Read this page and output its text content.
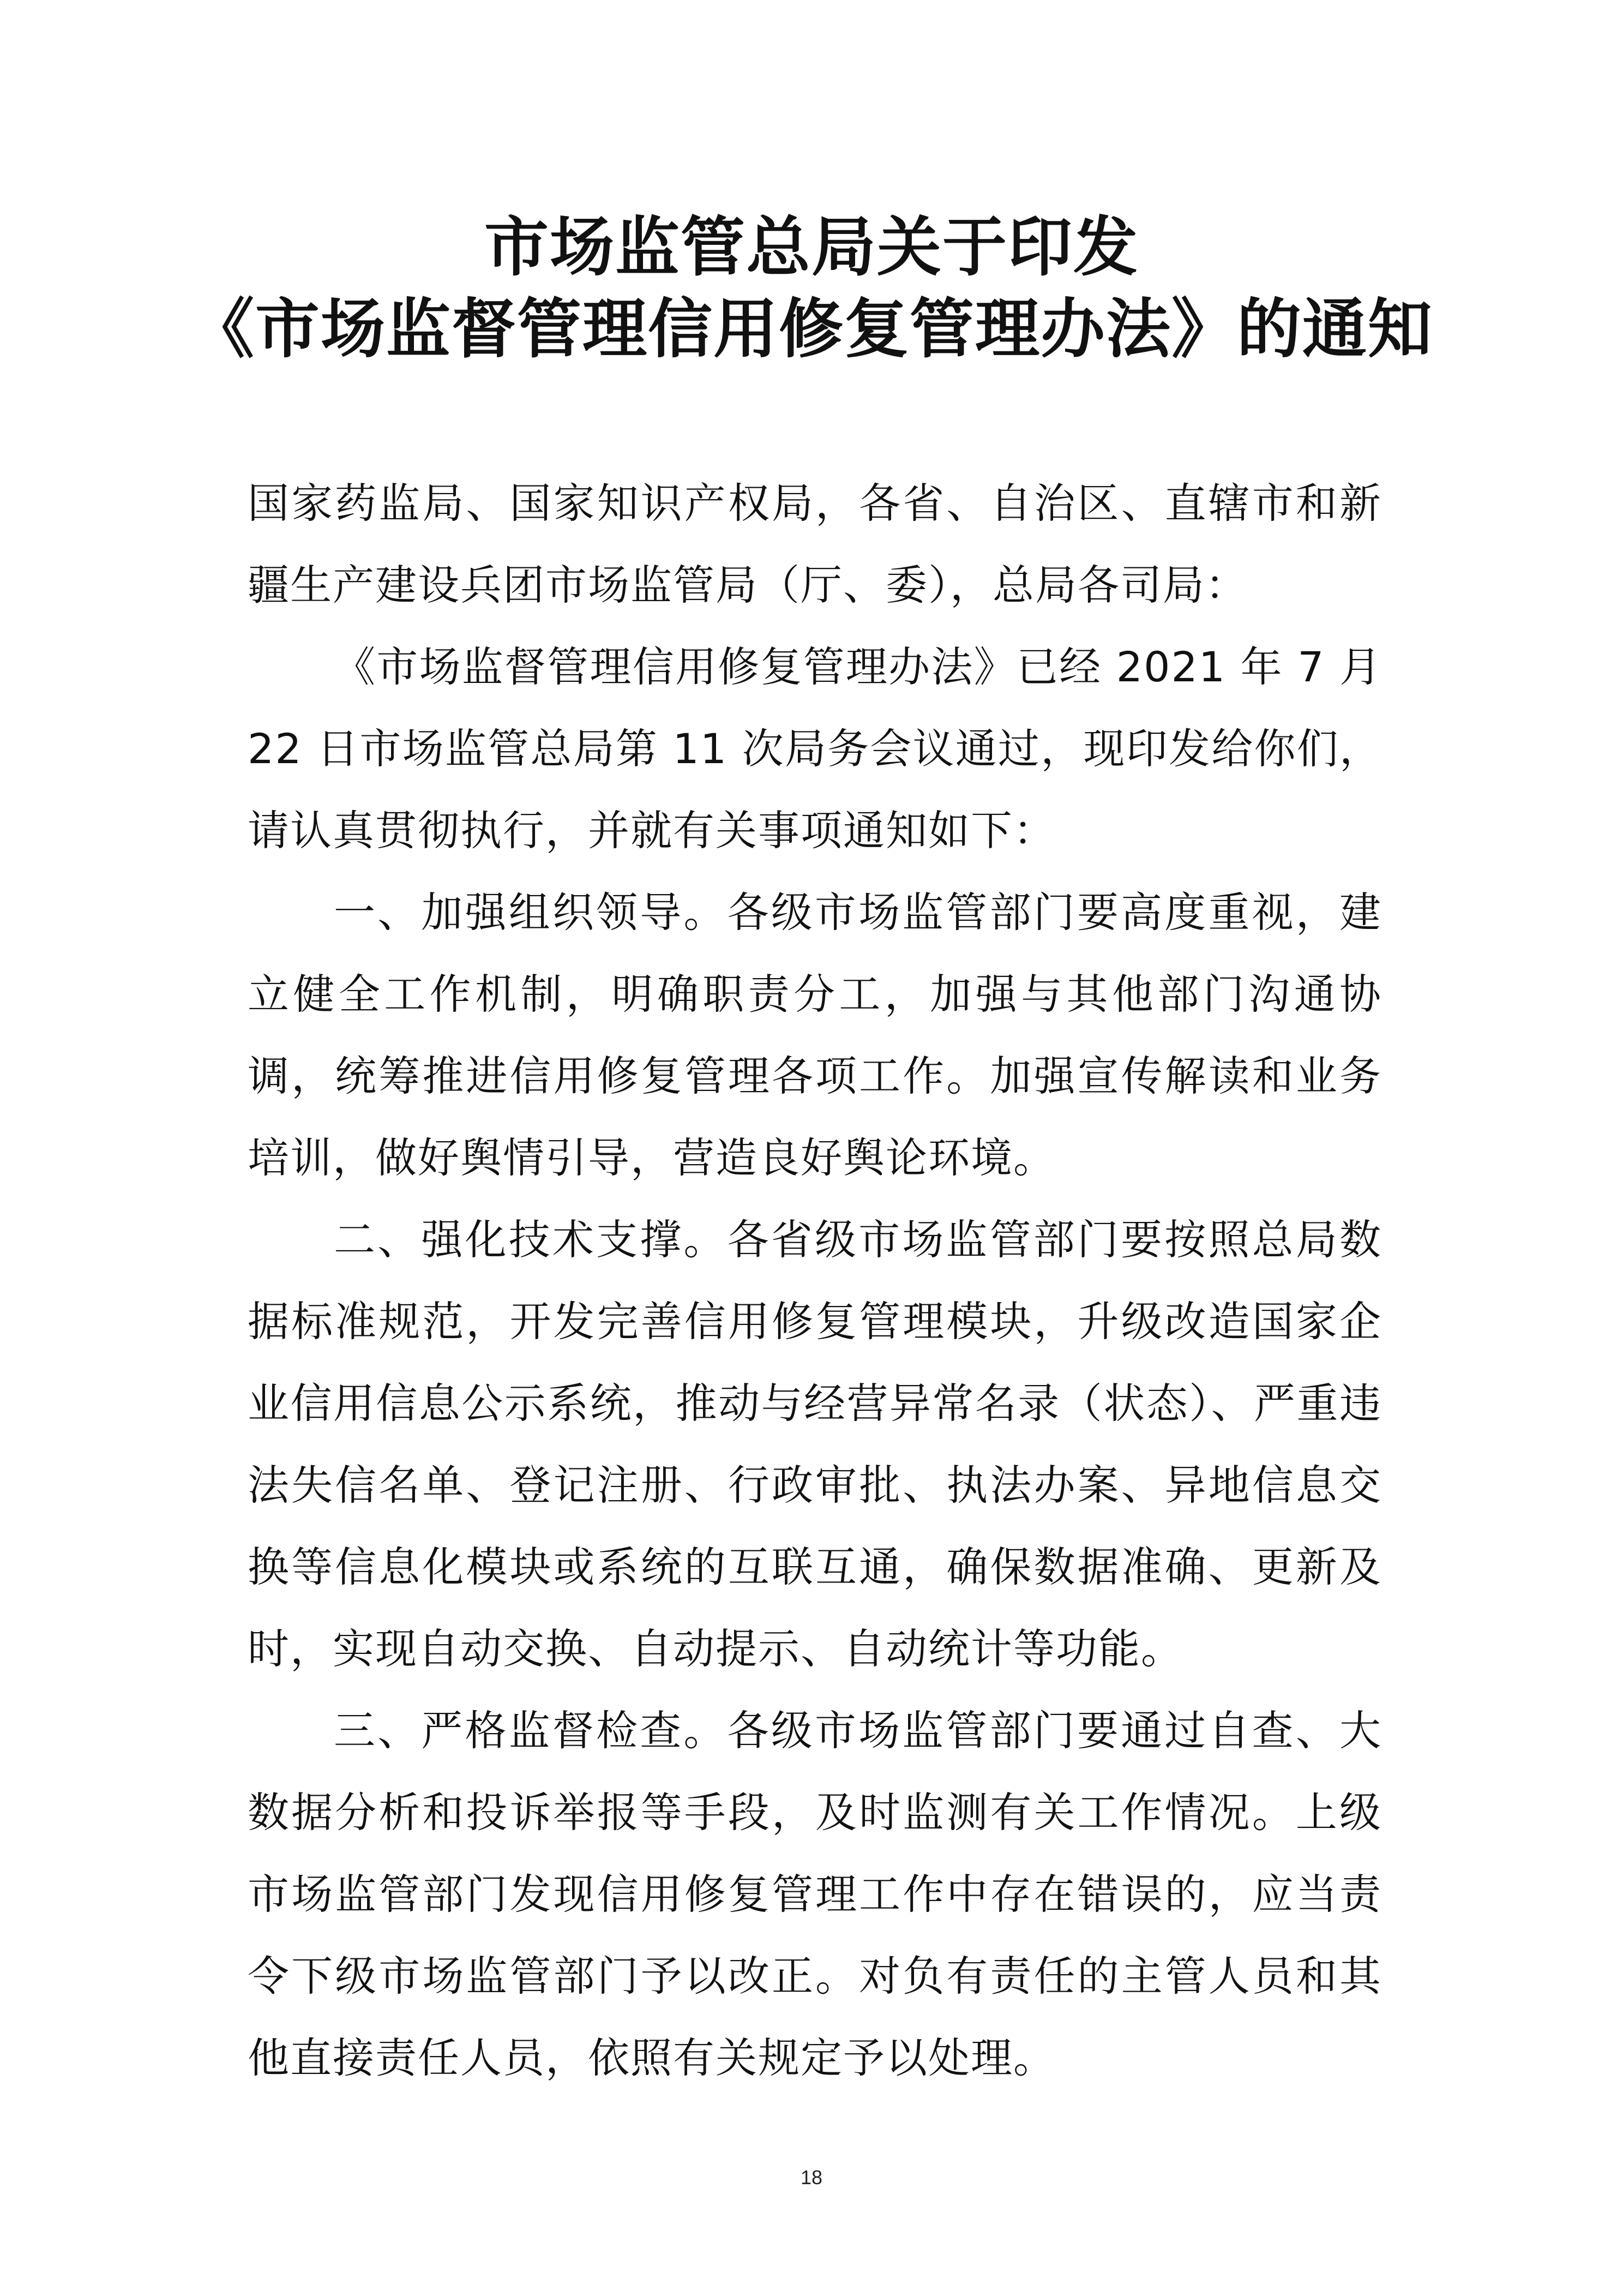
市场监管总局关于印发
《市场监督管理信用修复管理办法》的通知

国家药监局、国家知识产权局，各省、自治区、直辖市和新疆生产建设兵团市场监管局（厅、委），总局各司局：

《市场监督管理信用修复管理办法》已经 2021 年 7 月 22 日市场监管总局第 11 次局务会议通过，现印发给你们，请认真贯彻执行，并就有关事项通知如下：

一、加强组织领导。各级市场监管部门要高度重视，建立健全工作机制，明确职责分工，加强与其他部门沟通协调，统筹推进信用修复管理各项工作。加强宣传解读和业务培训，做好舆情引导，营造良好舆论环境。

二、强化技术支撑。各省级市场监管部门要按照总局数据标准规范，开发完善信用修复管理模块，升级改造国家企业信用信息公示系统，推动与经营异常名录（状态）、严重违法失信名单、登记注册、行政审批、执法办案、异地信息交换等信息化模块或系统的互联互通，确保数据准确、更新及时，实现自动交换、自动提示、自动统计等功能。

三、严格监督检查。各级市场监管部门要通过自查、大数据分析和投诉举报等手段，及时监测有关工作情况。上级市场监管部门发现信用修复管理工作中存在错误的，应当责令下级市场监管部门予以改正。对负有责任的主管人员和其他直接责任人员，依照有关规定予以处理。

18
